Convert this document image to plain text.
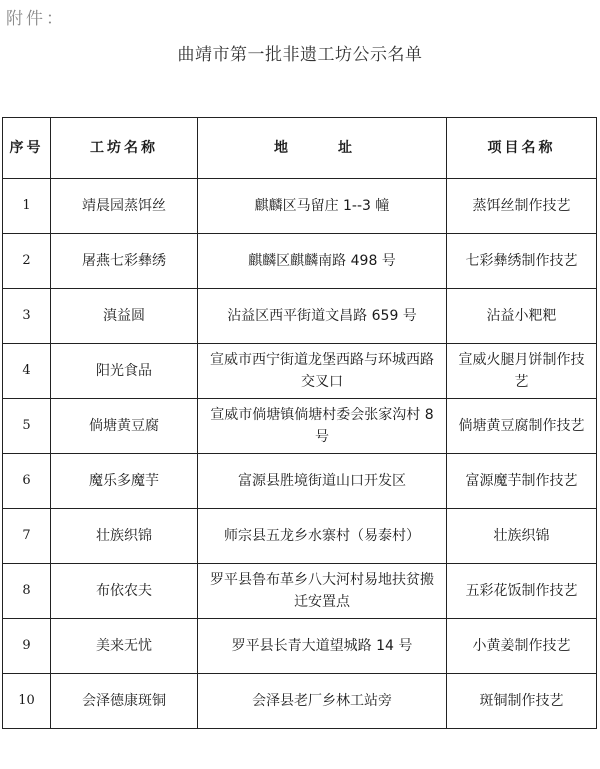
附件：
曲靖市第一批非遗工坊公示名单
序号	工坊名称	地　址	项目名称
1	靖晨园蒸饵丝	麒麟区马留庄 1--3 幢	蒸饵丝制作技艺
2	屠燕七彩彝绣	麒麟区麒麟南路 498 号	七彩彝绣制作技艺
3	滇益圆	沾益区西平街道文昌路 659 号	沾益小粑粑
4	阳光食品	宣威市西宁街道龙堡西路与环城西路交叉口	宣威火腿月饼制作技艺
5	倘塘黄豆腐	宣威市倘塘镇倘塘村委会张家沟村 8 号	倘塘黄豆腐制作技艺
6	魔乐多魔芋	富源县胜境街道山口开发区	富源魔芋制作技艺
7	壮族织锦	师宗县五龙乡水寨村（易泰村）	壮族织锦
8	布依农夫	罗平县鲁布革乡八大河村易地扶贫搬迁安置点	五彩花饭制作技艺
9	美来无忧	罗平县长青大道望城路 14 号	小黄姜制作技艺
10	会泽德康斑铜	会泽县老厂乡林工站旁	斑铜制作技艺
